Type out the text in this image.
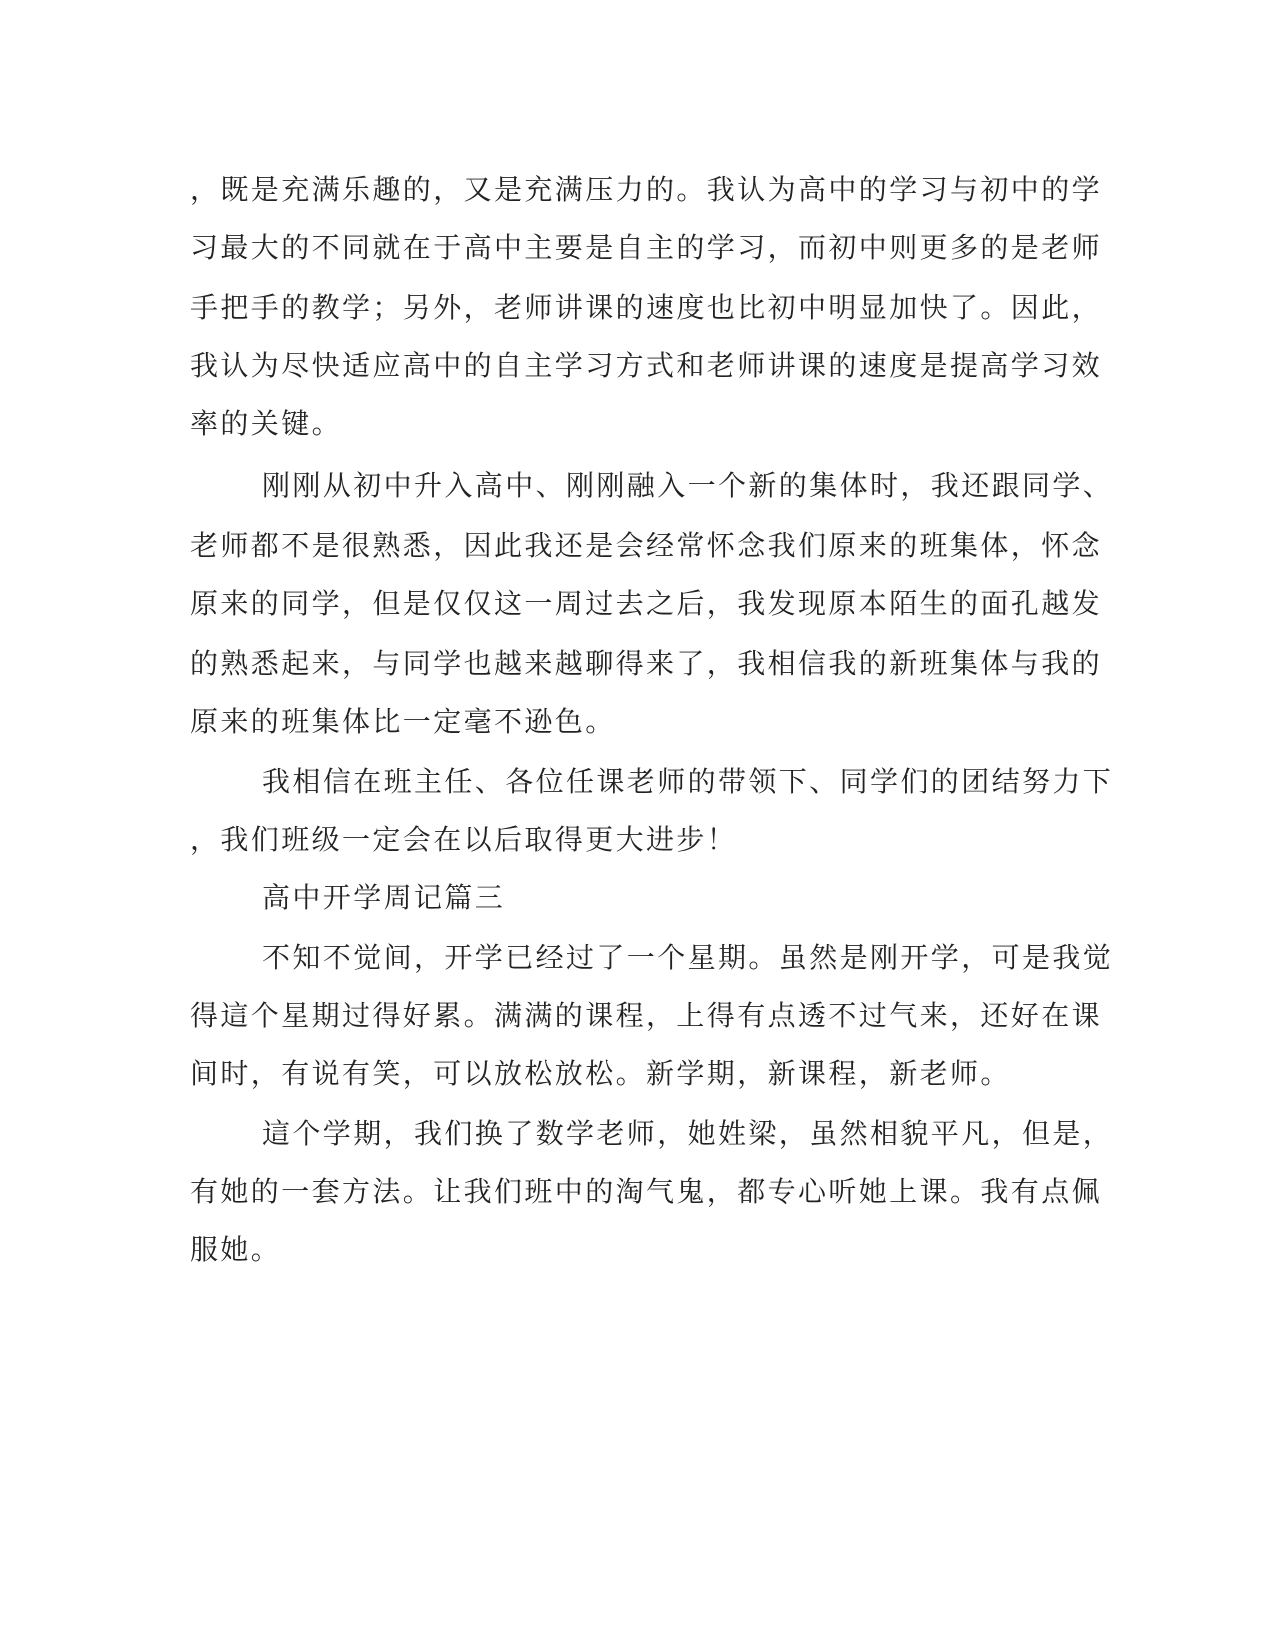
，既是充满乐趣的，又是充满压力的。我认为高中的学习与初中的学

习最大的不同就在于高中主要是自主的学习，而初中则更多的是老师

手把手的教学；另外，老师讲课的速度也比初中明显加快了。因此，

我认为尽快适应高中的自主学习方式和老师讲课的速度是提高学习效

率的关键。

刚刚从初中升入高中、刚刚融入一个新的集体时，我还跟同学、

老师都不是很熟悉，因此我还是会经常怀念我们原来的班集体，怀念

原来的同学，但是仅仅这一周过去之后，我发现原本陌生的面孔越发

的熟悉起来，与同学也越来越聊得来了，我相信我的新班集体与我的

原来的班集体比一定毫不逊色。

我相信在班主任、各位任课老师的带领下、同学们的团结努力下

，我们班级一定会在以后取得更大进步！

高中开学周记篇三

不知不觉间，开学已经过了一个星期。虽然是刚开学，可是我觉

得這个星期过得好累。满满的课程，上得有点透不过气来，还好在课

间时，有说有笑，可以放松放松。新学期，新课程，新老师。

這个学期，我们换了数学老师，她姓梁，虽然相貌平凡，但是，

有她的一套方法。让我们班中的淘气鬼，都专心听她上课。我有点佩

服她。
